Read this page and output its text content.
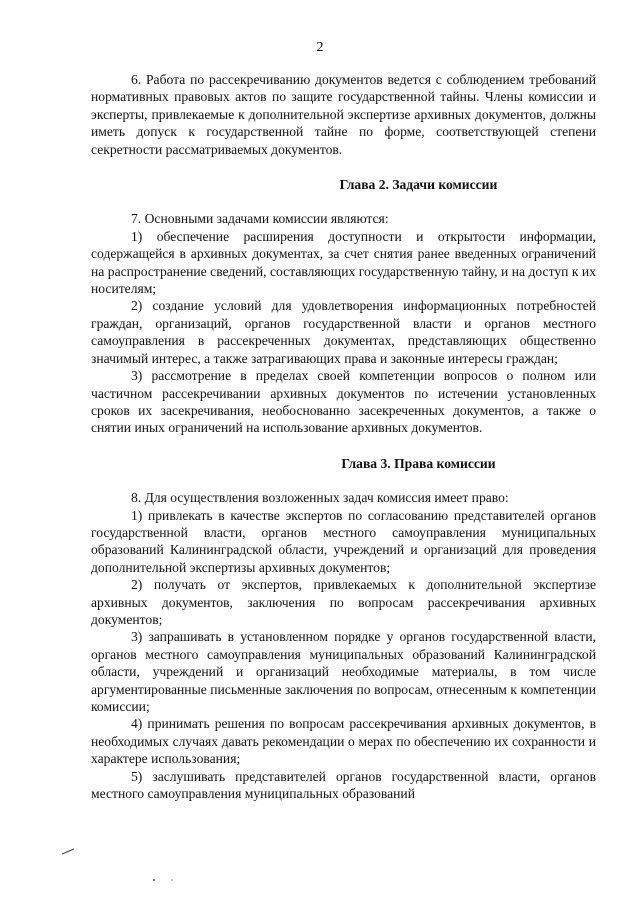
2

6. Работа по рассекречиванию документов ведется с соблюдением требований нормативных правовых актов по защите государственной тайны. Члены комиссии и эксперты, привлекаемые к дополнительной экспертизе архивных документов, должны иметь допуск к государственной тайне по форме, соответствующей степени секретности рассматриваемых документов.

Глава 2. Задачи комиссии

7. Основными задачами комиссии являются:

1) обеспечение расширения доступности и открытости информации, содержащейся в архивных документах, за счет снятия ранее введенных ограничений на распространение сведений, составляющих государственную тайну, и на доступ к их носителям;

2) создание условий для удовлетворения информационных потребностей граждан, организаций, органов государственной власти и органов местного самоуправления в рассекреченных документах, представляющих общественно значимый интерес, а также затрагивающих права и законные интересы граждан;

3) рассмотрение в пределах своей компетенции вопросов о полном или частичном рассекречивании архивных документов по истечении установленных сроков их засекречивания, необоснованно засекреченных документов, а также о снятии иных ограничений на использование архивных документов.

Глава 3. Права комиссии

8. Для осуществления возложенных задач комиссия имеет право:

1) привлекать в качестве экспертов по согласованию представителей органов государственной власти, органов местного самоуправления муниципальных образований Калининградской области, учреждений и организаций для проведения дополнительной экспертизы архивных документов;

2) получать от экспертов, привлекаемых к дополнительной экспертизе архивных документов, заключения по вопросам рассекречивания архивных документов;

3) запрашивать в установленном порядке у органов государственной власти, органов местного самоуправления муниципальных образований Калининградской области, учреждений и организаций необходимые материалы, в том числе аргументированные письменные заключения по вопросам, отнесенным к компетенции комиссии;

4) принимать решения по вопросам рассекречивания архивных документов, в необходимых случаях давать рекомендации о мерах по обеспечению их сохранности и характере использования;

5) заслушивать представителей органов государственной власти, органов местного самоуправления муниципальных образований
